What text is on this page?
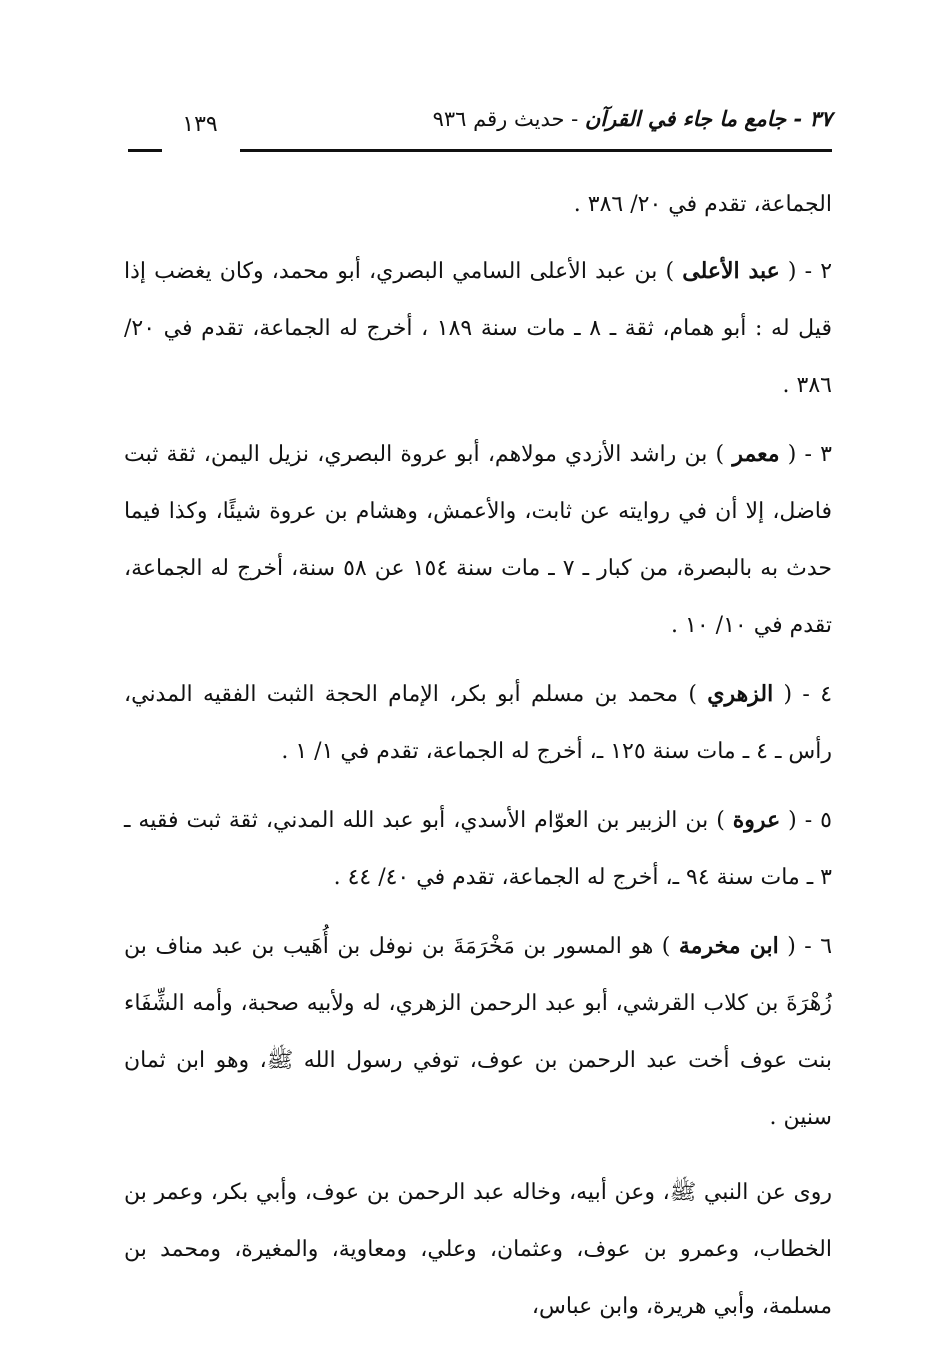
٣٧ - جامع ما جاء في القرآن - حديث رقم ٩٣٦
١٣٩

الجماعة، تقدم في ٢٠/ ٣٨٦ .

٢ - ( عبد الأعلى ) بن عبد الأعلى السامي البصري، أبو محمد، وكان يغضب إذا قيل له : أبو همام، ثقة ـ ٨ ـ مات سنة ١٨٩ ، أخرج له الجماعة، تقدم في ٢٠/ ٣٨٦ .

٣ - ( معمر ) بن راشد الأزدي مولاهم، أبو عروة البصري، نزيل اليمن، ثقة ثبت فاضل، إلا أن في روايته عن ثابت، والأعمش، وهشام بن عروة شيئًا، وكذا فيما حدث به بالبصرة، من كبار ـ ٧ ـ مات سنة ١٥٤ عن ٥٨ سنة، أخرج له الجماعة، تقدم في ١٠/ ١٠ .

٤ - ( الزهري ) محمد بن مسلم أبو بكر، الإمام الحجة الثبت الفقيه المدني، رأس ـ ٤ ـ مات سنة ١٢٥ ـ، أخرج له الجماعة، تقدم في ١/ ١ .

٥ - ( عروة ) بن الزبير بن العوّام الأسدي، أبو عبد الله المدني، ثقة ثبت فقيه ـ ٣ ـ مات سنة ٩٤ ـ، أخرج له الجماعة، تقدم في ٤٠/ ٤٤ .

٦ - ( ابن مخرمة ) هو المسور بن مَخْرَمَةَ بن نوفل بن أُهَيب بن عبد مناف بن زُهْرَةَ بن كلاب القرشي، أبو عبد الرحمن الزهري، له ولأبيه صحبة، وأمه الشِّفَاء بنت عوف أخت عبد الرحمن بن عوف، توفي رسول الله ﷺ، وهو ابن ثمان سنين .

روى عن النبي ﷺ، وعن أبيه، وخاله عبد الرحمن بن عوف، وأبي بكر، وعمر بن الخطاب، وعمرو بن عوف، وعثمان، وعلي، ومعاوية، والمغيرة، ومحمد بن مسلمة، وأبي هريرة، وابن عباس،
